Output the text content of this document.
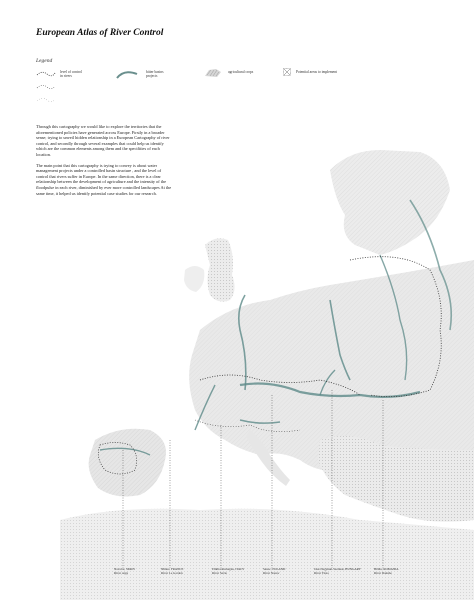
European Atlas of River Control
Legend
level of control
in rivers
bitter basins
projects
agricultural crops	Potential areas to implement

Through this cartography we would like to explore the territories that the aforementioned policies have generated across Europe. Firstly in a broader sense; trying to unveil hidden relationship in a European Cartography of river control, and secondly through several examples that could help us identify which are the common elements among them and the specifities of each location.

The main point that this cartography is trying to convey is about water management projects under a controlled basin structure , and the level of control that rivers suffer in Europe. In the same direction, there is a clear relationship between the development of agriculture and the intensity of the floodpulse in each river, diminished by ever more controlled landscapes At the same time, it helped us identify potential case studies for our research.

Navarra, SPAIN
River Arga
Nîmes, FRANCE
River Le Gardon
Emilia-Romagna, ITALY
River Savio
Sanoc, POLAND
River Narew
Jász-Nagykun-Szolnok, HUNGARY
River Tisza
Brăila, ROMANIA
River Danube
